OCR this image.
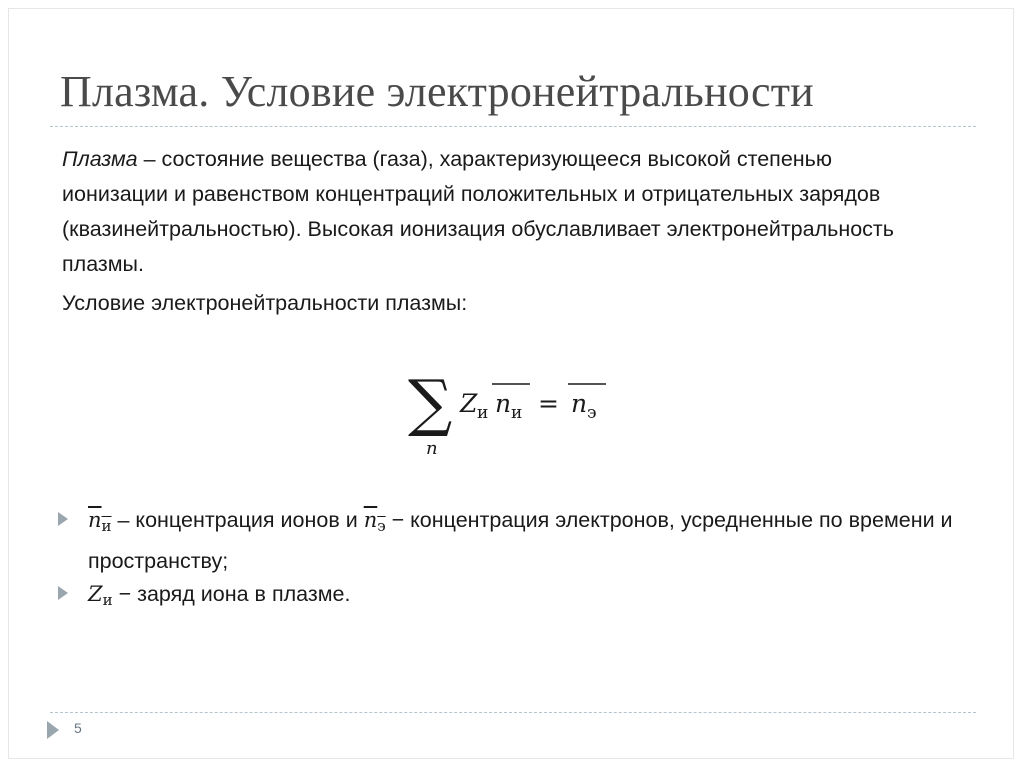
Плазма. Условие электронейтральности
Плазма – состояние вещества (газа), характеризующееся высокой степенью ионизации и равенством концентраций положительных и отрицательных зарядов (квазинейтральностью). Высокая ионизация обуславливает электронейтральность плазмы.
Условие электронейтральности плазмы:
∑
n
Z и n и = n э
$\overline{n}_и$ – концентрация ионов и $\overline{n}_э$ − концентрация электронов, усредненные по времени и пространству;
$Z_и$ − заряд иона в плазме.
5
